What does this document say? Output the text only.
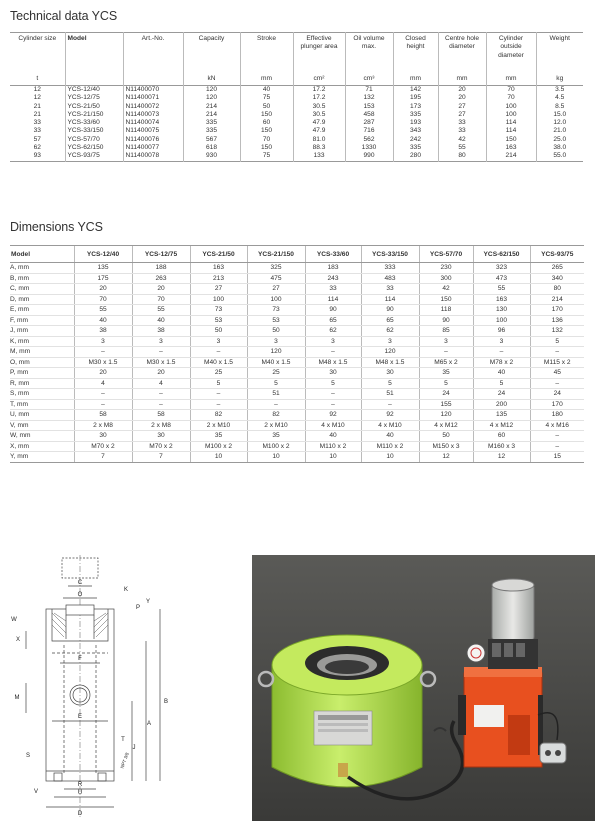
Technical data YCS
Cylinder size	Model	Art.-No.	Capacity	Stroke	Effective plunger area	Oil volume max.	Closed height	Centre hole diameter	Cylinder outside diameter	Weight
t			kN	mm	cm²	cm³	mm	mm	mm	kg
12	YCS-12/40	N11400070	120	40	17.2	71	142	20	70	3.5
12	YCS-12/75	N11400071	120	75	17.2	132	195	20	70	4.5
21	YCS-21/50	N11400072	214	50	30.5	153	173	27	100	8.5
21	YCS-21/150	N11400073	214	150	30.5	458	335	27	100	15.0
33	YCS-33/60	N11400074	335	60	47.9	287	193	33	114	12.0
33	YCS-33/150	N11400075	335	150	47.9	716	343	33	114	21.0
57	YCS-57/70	N11400076	567	70	81.0	562	242	42	150	25.0
62	YCS-62/150	N11400077	618	150	88.3	1330	335	55	163	38.0
93	YCS-93/75	N11400078	930	75	133	990	280	80	214	55.0
Dimensions YCS
Model	YCS-12/40	YCS-12/75	YCS-21/50	YCS-21/150	YCS-33/60	YCS-33/150	YCS-57/70	YCS-62/150	YCS-93/75
A, mm	135	188	163	325	183	333	230	323	265
B, mm	175	263	213	475	243	483	300	473	340
C, mm	20	20	27	27	33	33	42	55	80
D, mm	70	70	100	100	114	114	150	163	214
E, mm	55	55	73	73	90	90	118	130	170
F, mm	40	40	53	53	65	65	90	100	136
J, mm	38	38	50	50	62	62	85	96	132
K, mm	3	3	3	3	3	3	3	3	5
M, mm	–	–	–	120	–	120	–	–	–
O, mm	M30 x 1.5	M30 x 1.5	M40 x 1.5	M40 x 1.5	M48 x 1.5	M48 x 1.5	M65 x 2	M78 x 2	M115 x 2
P, mm	20	20	25	25	30	30	35	40	45
R, mm	4	4	5	5	5	5	5	5	–
S, mm	–	–	–	51	–	51	24	24	24
T, mm	–	–	–	–	–	–	155	200	170
U, mm	58	58	82	82	92	92	120	135	180
V, mm	2 x M8	2 x M8	2 x M10	2 x M10	4 x M10	4 x M10	4 x M12	4 x M12	4 x M16
W, mm	30	30	35	35	40	40	50	60	–
X, mm	M70 x 2	M70 x 2	M100 x 2	M100 x 2	M110 x 2	M110 x 2	M150 x 3	M160 x 3	–
Y, mm	7	7	10	10	10	10	12	12	15
C
O
K
P
Y
W
X
F
M
E
B
A
J
T
S	NPT 3/8
V
R
U
D
